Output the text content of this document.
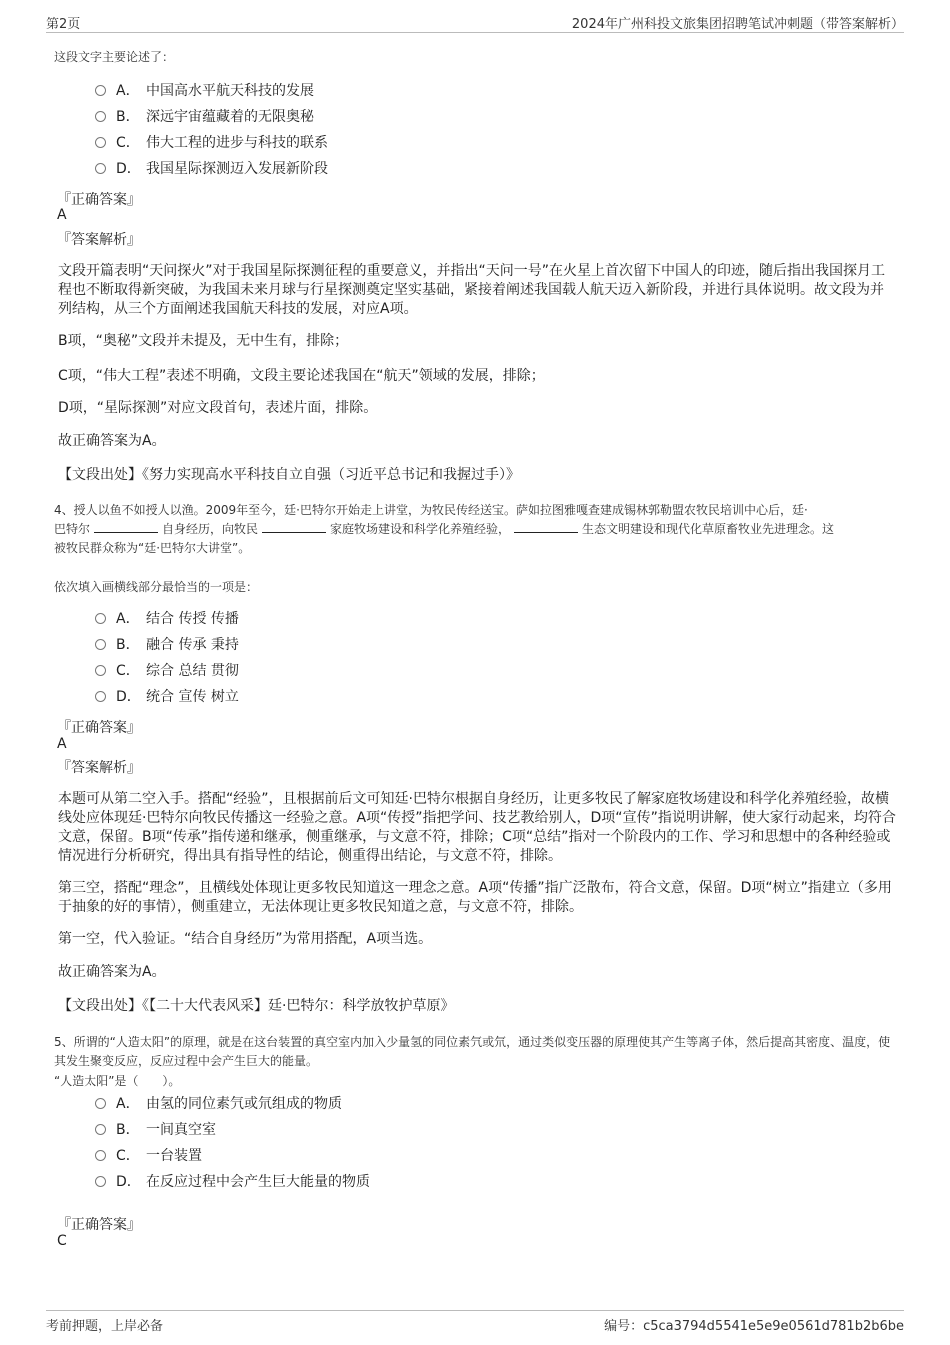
第2页	2024年广州科投文旅集团招聘笔试冲刺题（带答案解析）
这段文字主要论述了：
A． 中国高水平航天科技的发展
B． 深远宇宙蕴藏着的无限奥秘
C． 伟大工程的进步与科技的联系
D． 我国星际探测迈入发展新阶段
『正确答案』
A
『答案解析』
文段开篇表明“天问探火”对于我国星际探测征程的重要意义，并指出“天问一号”在火星上首次留下中国人的印迹，随后指出我国探月工程也不断取得新突破，为我国未来月球与行星探测奠定坚实基础，紧接着阐述我国载人航天迈入新阶段，并进行具体说明。故文段为并列结构，从三个方面阐述我国航天科技的发展，对应A项。
B项，“奥秘”文段并未提及，无中生有，排除；
C项，“伟大工程”表述不明确，文段主要论述我国在“航天”领域的发展，排除；
D项，“星际探测”对应文段首句，表述片面，排除。
故正确答案为A。
【文段出处】《努力实现高水平科技自立自强（习近平总书记和我握过手）》
4、授人以鱼不如授人以渔。2009年至今，廷·巴特尔开始走上讲堂，为牧民传经送宝。萨如拉图雅嘎查建成锡林郭勒盟农牧民培训中心后，廷·
巴特尔	自身经历，向牧民	家庭牧场建设和科学化养殖经验，	生态文明建设和现代化草原畜牧业先进理念。这
被牧民群众称为“廷·巴特尔大讲堂”。
依次填入画横线部分最恰当的一项是：
A． 结合 传授 传播
B． 融合 传承 秉持
C． 综合 总结 贯彻
D． 统合 宣传 树立
『正确答案』
A
『答案解析』
本题可从第二空入手。搭配“经验”，且根据前后文可知廷·巴特尔根据自身经历，让更多牧民了解家庭牧场建设和科学化养殖经验，故横线处应体现廷·巴特尔向牧民传播这一经验之意。A项“传授”指把学问、技艺教给别人，D项“宣传”指说明讲解，使大家行动起来，均符合文意，保留。B项“传承”指传递和继承，侧重继承，与文意不符，排除；C项“总结”指对一个阶段内的工作、学习和思想中的各种经验或情况进行分析研究，得出具有指导性的结论，侧重得出结论，与文意不符，排除。
第三空，搭配“理念”，且横线处体现让更多牧民知道这一理念之意。A项“传播”指广泛散布，符合文意，保留。D项“树立”指建立（多用于抽象的好的事情），侧重建立，无法体现让更多牧民知道之意，与文意不符，排除。
第一空，代入验证。“结合自身经历”为常用搭配，A项当选。
故正确答案为A。
【文段出处】《【二十大代表风采】廷·巴特尔：科学放牧护草原》
5、所谓的“人造太阳”的原理，就是在这台装置的真空室内加入少量氢的同位素氕或氘，通过类似变压器的原理使其产生等离子体，然后提高其密度、温度，使其发生聚变反应，反应过程中会产生巨大的能量。
“人造太阳”是（　　）。
A． 由氢的同位素氕或氘组成的物质
B． 一间真空室
C． 一台装置
D． 在反应过程中会产生巨大能量的物质
『正确答案』
C
考前押题，上岸必备	编号：c5ca3794d5541e5e9e0561d781b2b6be
